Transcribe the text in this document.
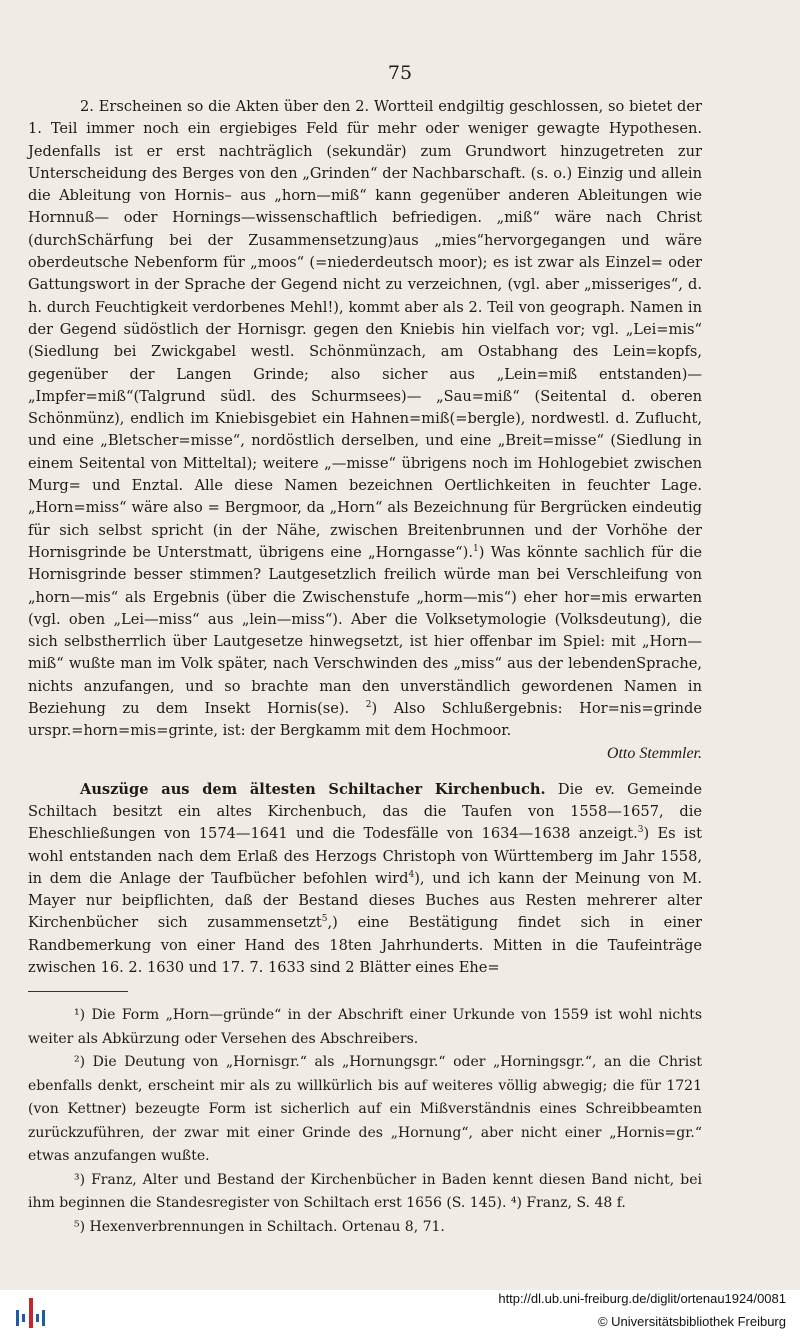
75

2. Erscheinen so die Akten über den 2. Wortteil endgiltig geschlossen, so bietet der 1. Teil immer noch ein ergiebiges Feld für mehr oder weniger gewagte Hypothesen. Jedenfalls ist er erst nachträglich (sekundär) zum Grundwort hinzugetreten zur Unterscheidung des Berges von den „Grinden“ der Nachbarschaft. (s. o.) Einzig und allein die Ableitung von Hornis– aus „horn—miß“ kann gegenüber anderen Ableitungen wie Hornnuß— oder Hornings—wissenschaftlich befriedigen. „miß“ wäre nach Christ (durchSchärfung bei der Zusammensetzung)aus „mies“hervorgegangen und wäre oberdeutsche Nebenform für „moos“ (=niederdeutsch moor); es ist zwar als Einzel= oder Gattungswort in der Sprache der Gegend nicht zu verzeichnen, (vgl. aber „misseriges“, d. h. durch Feuchtigkeit verdorbenes Mehl!), kommt aber als 2. Teil von geograph. Namen in der Gegend südöstlich der Hornisgr. gegen den Kniebis hin vielfach vor; vgl. „Lei=mis“ (Siedlung bei Zwickgabel westl. Schönmünzach, am Ostabhang des Lein=kopfs, gegenüber der Langen Grinde; also sicher aus „Lein=miß entstanden)— „Impfer=miß“(Talgrund südl. des Schurmsees)— „Sau=miß“ (Seitental d. oberen Schönmünz), endlich im Kniebisgebiet ein Hahnen=miß(=bergle), nordwestl. d. Zuflucht, und eine „Bletscher=misse“, nordöstlich derselben, und eine „Breit=misse“ (Siedlung in einem Seitental von Mitteltal); weitere „—misse“ übrigens noch im Hohlogebiet zwischen Murg= und Enztal. Alle diese Namen bezeichnen Oertlichkeiten in feuchter Lage. „Horn=miss“ wäre also = Bergmoor, da „Horn“ als Bezeichnung für Bergrücken eindeutig für sich selbst spricht (in der Nähe, zwischen Breitenbrunnen und der Vorhöhe der Hornisgrinde be Unterstmatt, übrigens eine „Horngasse“).$^1$) Was könnte sachlich für die Hornisgrinde besser stimmen? Lautgesetzlich freilich würde man bei Verschleifung von „horn—mis“ als Ergebnis (über die Zwischenstufe „horm—mis“) eher hor=mis erwarten (vgl. oben „Lei—miss“ aus „lein—miss“). Aber die Volksetymologie (Volksdeutung), die sich selbstherrlich über Lautgesetze hinwegsetzt, ist hier offenbar im Spiel: mit „Horn—miß“ wußte man im Volk später, nach Verschwinden des „miss“ aus der lebendenSprache, nichts anzufangen, und so brachte man den unverständlich gewordenen Namen in Beziehung zu dem Insekt Hornis(se). $^2$) Also Schlußergebnis: Hor=nis=grinde urspr.=horn=mis=grinte, ist: der Bergkamm mit dem Hochmoor.

Otto Stemmler.

Auszüge aus dem ältesten Schiltacher Kirchenbuch. Die ev. Gemeinde Schiltach besitzt ein altes Kirchenbuch, das die Taufen von 1558—1657, die Eheschließungen von 1574—1641 und die Todesfälle von 1634—1638 anzeigt.$^3$) Es ist wohl entstanden nach dem Erlaß des Herzogs Christoph von Württemberg im Jahr 1558, in dem die Anlage der Taufbücher befohlen wird$^4$), und ich kann der Meinung von M. Mayer nur beipflichten, daß der Bestand dieses Buches aus Resten mehrerer alter Kirchenbücher sich zusammensetzt$^5$,) eine Bestätigung findet sich in einer Randbemerkung von einer Hand des 18ten Jahrhunderts. Mitten in die Taufeinträge zwischen 16. 2. 1630 und 17. 7. 1633 sind 2 Blätter eines Ehe=

¹) Die Form „Horn—gründe“ in der Abschrift einer Urkunde von 1559 ist wohl nichts weiter als Abkürzung oder Versehen des Abschreibers.

²) Die Deutung von „Hornisgr.“ als „Hornungsgr.“ oder „Horningsgr.“, an die Christ ebenfalls denkt, erscheint mir als zu willkürlich bis auf weiteres völlig abwegig; die für 1721 (von Kettner) bezeugte Form ist sicherlich auf ein Mißverständnis eines Schreibbeamten zurückzuführen, der zwar mit einer Grinde des „Hornung“, aber nicht einer „Hornis=gr.“ etwas anzufangen wußte.

³) Franz, Alter und Bestand der Kirchenbücher in Baden kennt diesen Band nicht, bei ihm beginnen die Standesregister von Schiltach erst 1656 (S. 145). ⁴) Franz, S. 48 f.

⁵) Hexenverbrennungen in Schiltach. Ortenau 8, 71.

http://dl.ub.uni-freiburg.de/diglit/ortenau1924/0081
© Universitätsbibliothek Freiburg
